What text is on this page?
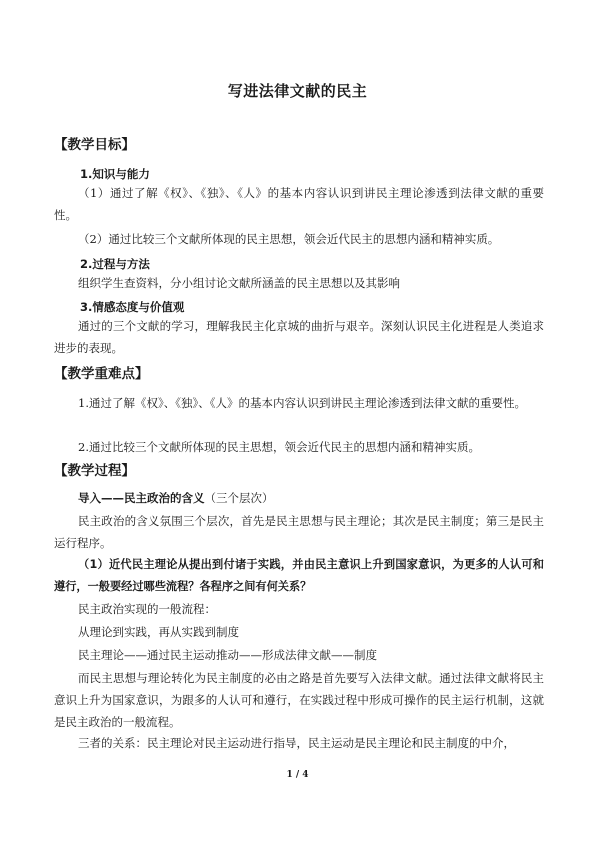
写进法律文献的民主
【教学目标】
1.知识与能力
（1）通过了解《权》、《独》、《人》的基本内容认识到讲民主理论渗透到法律文献的重要性。
（2）通过比较三个文献所体现的民主思想，领会近代民主的思想内涵和精神实质。
2.过程与方法
组织学生查资料，分小组讨论文献所涵盖的民主思想以及其影响
3.情感态度与价值观
通过的三个文献的学习，理解我民主化京城的曲折与艰辛。深刻认识民主化进程是人类追求进步的表现。
【教学重难点】
1.通过了解《权》、《独》、《人》的基本内容认识到讲民主理论渗透到法律文献的重要性。
2.通过比较三个文献所体现的民主思想，领会近代民主的思想内涵和精神实质。
【教学过程】
导入——民主政治的含义（三个层次）
民主政治的含义氛围三个层次，首先是民主思想与民主理论；其次是民主制度；第三是民主运行程序。
（1）近代民主理论从提出到付诸于实践，并由民主意识上升到国家意识，为更多的人认可和遵行，一般要经过哪些流程？各程序之间有何关系？
民主政治实现的一般流程：
从理论到实践，再从实践到制度
民主理论——通过民主运动推动——形成法律文献——制度
而民主思想与理论转化为民主制度的必由之路是首先要写入法律文献。通过法律文献将民主意识上升为国家意识，为跟多的人认可和遵行，在实践过程中形成可操作的民主运行机制，这就是民主政治的一般流程。
三者的关系：民主理论对民主运动进行指导，民主运动是民主理论和民主制度的中介，
1 / 4
